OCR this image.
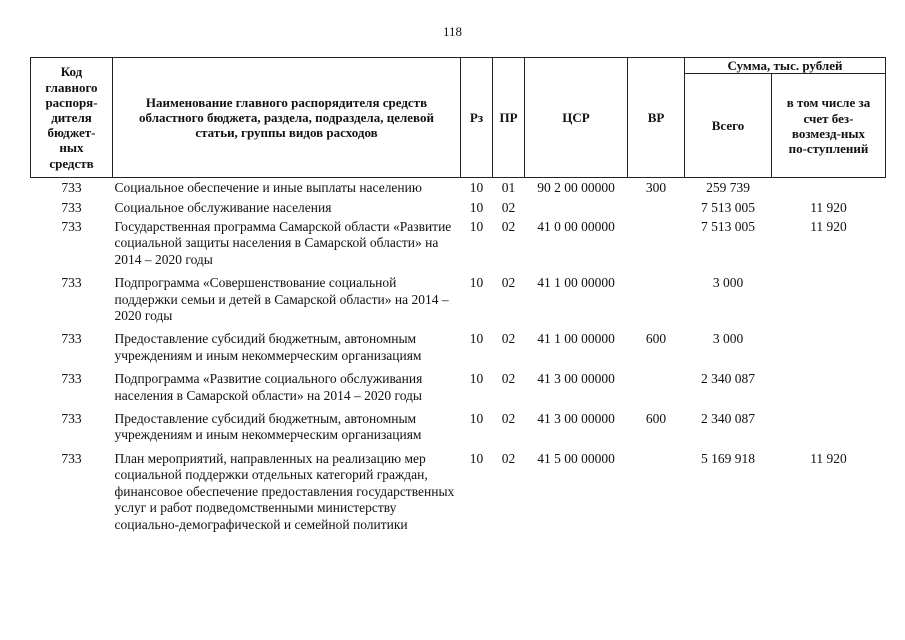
118
Код главного распоря-дителя бюджет-ных средств	Наименование главного распорядителя средств областного бюджета, раздела, подраздела, целевой статьи, группы видов расходов	Рз	ПР	ЦСР	ВР	Сумма, тыс. рублей	
						Всего	в том числе за счет без-возмезд-ных по-ступлений
733	Социальное обеспечение и иные выплаты населению	10	01	90 2 00 00000	300	259 739	
733	Социальное обслуживание населения	10	02			7 513 005	11 920
733	Государственная программа Самарской области «Развитие социальной защиты населения в Самарской области» на 2014 – 2020 годы	10	02	41 0 00 00000		7 513 005	11 920
733	Подпрограмма «Совершенствование социальной поддержки семьи и детей в Самарской области» на 2014 – 2020 годы	10	02	41 1 00 00000		3 000	
733	Предоставление субсидий бюджетным, автономным учреждениям и иным некоммерческим организациям	10	02	41 1 00 00000	600	3 000	
733	Подпрограмма «Развитие социального обслуживания населения в Самарской области» на 2014 – 2020 годы	10	02	41 3 00 00000		2 340 087	
733	Предоставление субсидий бюджетным, автономным учреждениям и иным некоммерческим организациям	10	02	41 3 00 00000	600	2 340 087	
733	План мероприятий, направленных на реализацию мер социальной поддержки отдельных категорий граждан, финансовое обеспечение предоставления государственных услуг и работ подведомственными министерству социально-демографической и семейной политики	10	02	41 5 00 00000		5 169 918	11 920
